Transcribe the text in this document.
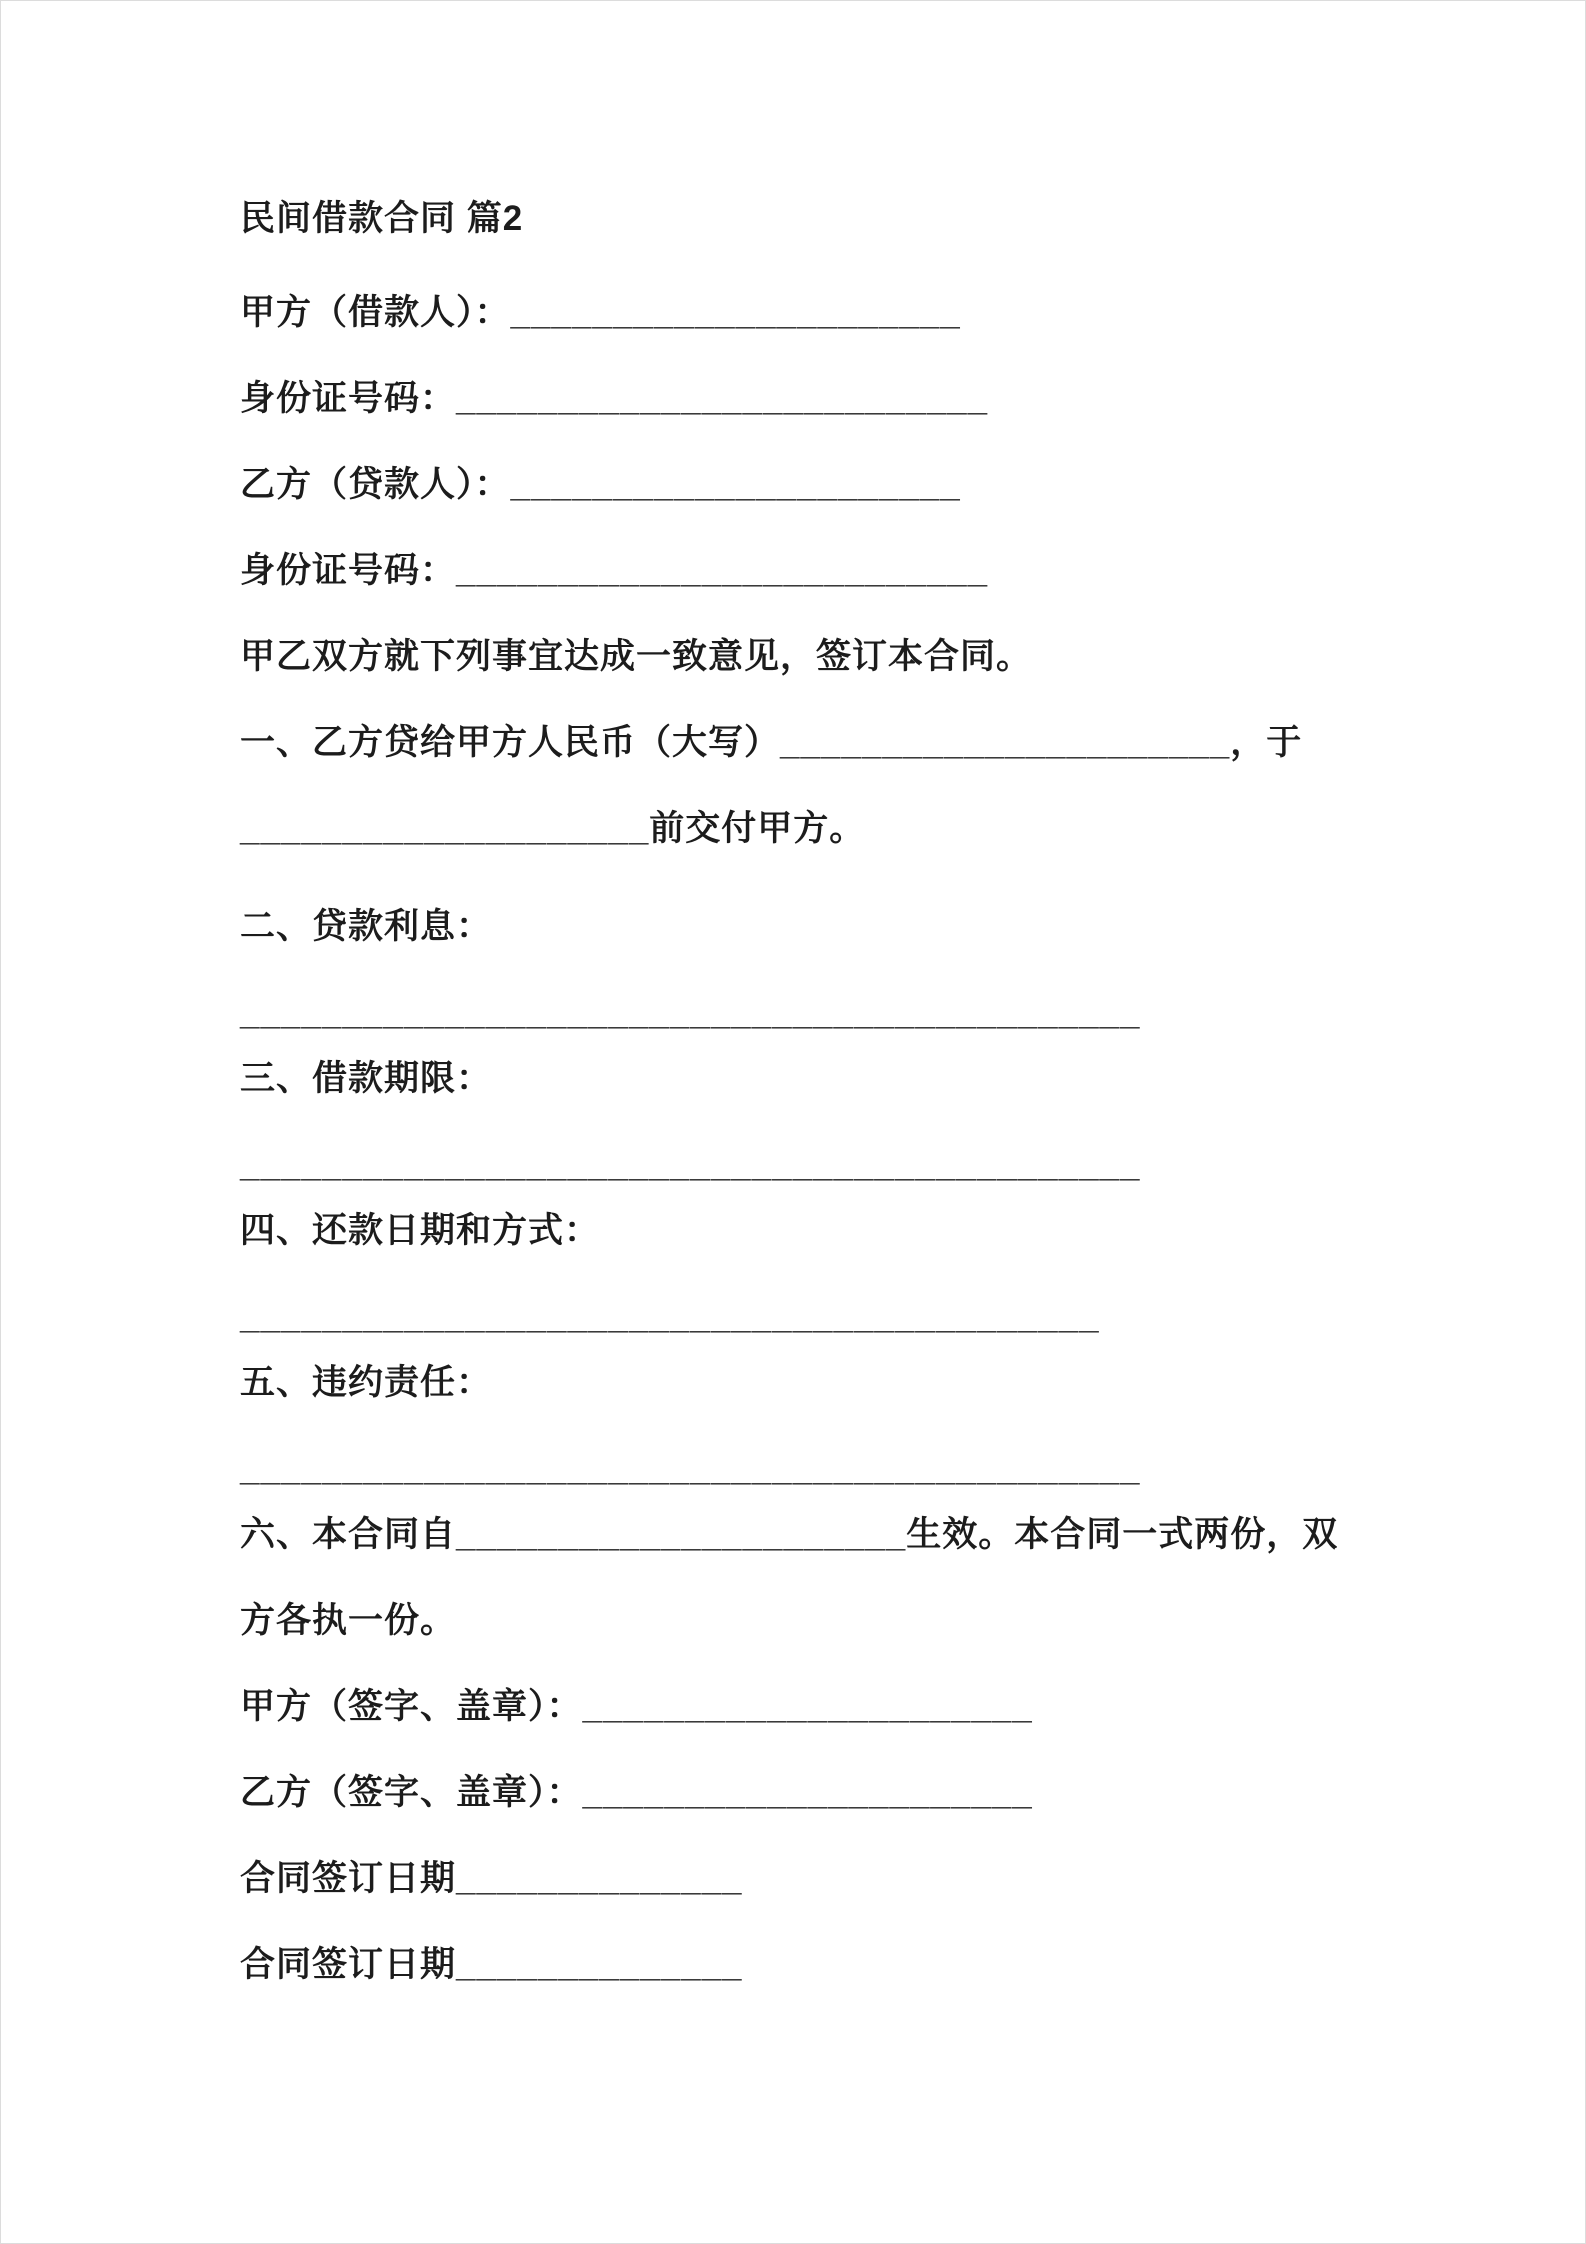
民间借款合同 篇2
甲方（借款人）：______________________
身份证号码：__________________________
乙方（贷款人）：______________________
身份证号码：__________________________
甲乙双方就下列事宜达成一致意见，签订本合同。
一、乙方贷给甲方人民币（大写）______________________，于
____________________前交付甲方。
二、贷款利息：
____________________________________________
三、借款期限：
____________________________________________
四、还款日期和方式：
__________________________________________
五、违约责任：
____________________________________________
六、本合同自______________________生效。本合同一式两份，双
方各执一份。
甲方（签字、盖章）：______________________
乙方（签字、盖章）：______________________
合同签订日期______________
合同签订日期______________
